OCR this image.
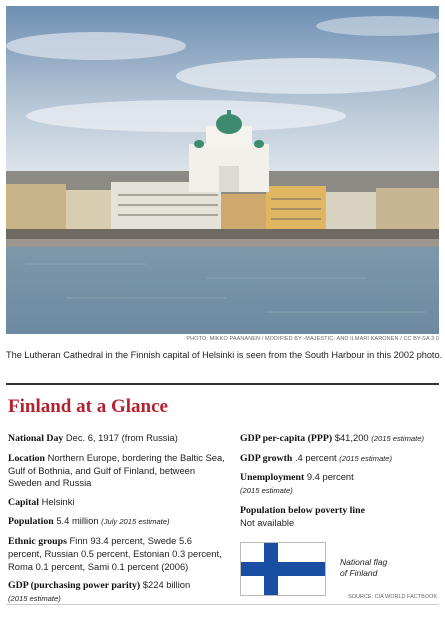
PHOTO: MIKKO PAANANEN / MODIFIED BY -MAJESTIC- AND ILMARI KARONEN / CC BY-SA 3.0
The Lutheran Cathedral in the Finnish capital of Helsinki is seen from the South Harbour in this 2002 photo.
Finland at a Glance
National Day Dec. 6, 1917 (from Russia)
Location Northern Europe, bordering the Baltic Sea, Gulf of Bothnia, and Gulf of Finland, between Sweden and Russia
Capital Helsinki
Population 5.4 million (July 2015 estimate)
Ethnic groups Finn 93.4 percent, Swede 5.6 percent, Russian 0.5 percent, Estonian 0.3 percent, Roma 0.1 percent, Sami 0.1 percent (2006)
GDP (purchasing power parity) $224 billion
(2015 estimate)
GDP per-capita (PPP) $41,200 (2015 estimate)
GDP growth .4 percent (2015 estimate)
Unemployment 9.4 percent
(2015 estimate)
Population below poverty line
Not available
National flag
of Finland
SOURCE: CIA WORLD FACTBOOK
